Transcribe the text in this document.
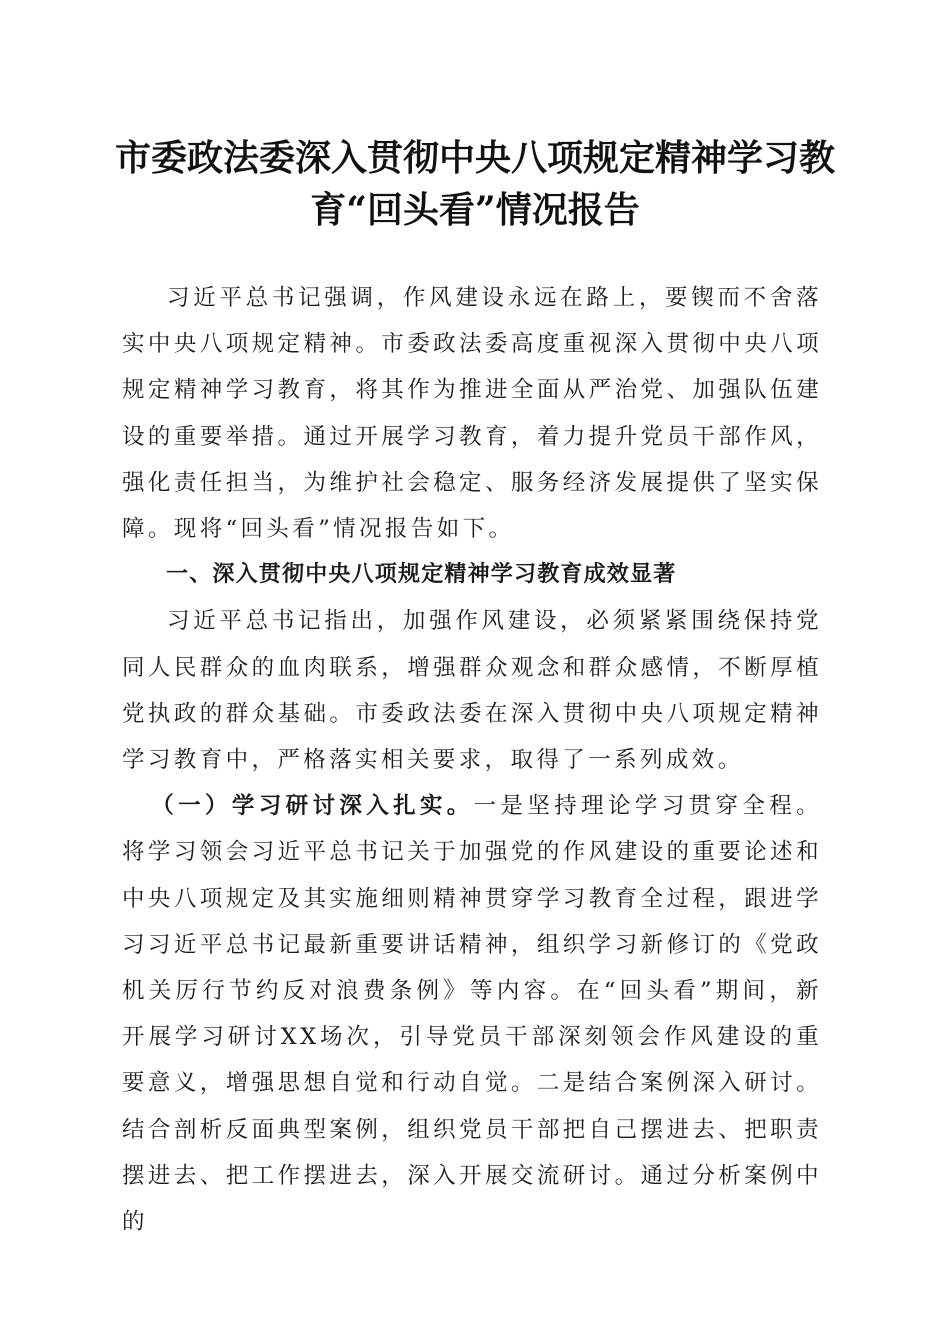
市委政法委深入贯彻中央八项规定精神学习教
育“回头看”情况报告

习近平总书记强调，作风建设永远在路上，要锲而不舍落实中央八项规定精神。市委政法委高度重视深入贯彻中央八项规定精神学习教育，将其作为推进全面从严治党、加强队伍建设的重要举措。通过开展学习教育，着力提升党员干部作风，强化责任担当，为维护社会稳定、服务经济发展提供了坚实保障。现将“回头看”情况报告如下。

一、深入贯彻中央八项规定精神学习教育成效显著

习近平总书记指出，加强作风建设，必须紧紧围绕保持党同人民群众的血肉联系，增强群众观念和群众感情，不断厚植党执政的群众基础。市委政法委在深入贯彻中央八项规定精神学习教育中，严格落实相关要求，取得了一系列成效。

（一）学习研讨深入扎实。一是坚持理论学习贯穿全程。将学习领会习近平总书记关于加强党的作风建设的重要论述和中央八项规定及其实施细则精神贯穿学习教育全过程，跟进学习习近平总书记最新重要讲话精神，组织学习新修订的《党政机关厉行节约反对浪费条例》等内容。在“回头看”期间，新开展学习研讨XX场次，引导党员干部深刻领会作风建设的重要意义，增强思想自觉和行动自觉。二是结合案例深入研讨。结合剖析反面典型案例，组织党员干部把自己摆进去、把职责摆进去、把工作摆进去，深入开展交流研讨。通过分析案例中的
